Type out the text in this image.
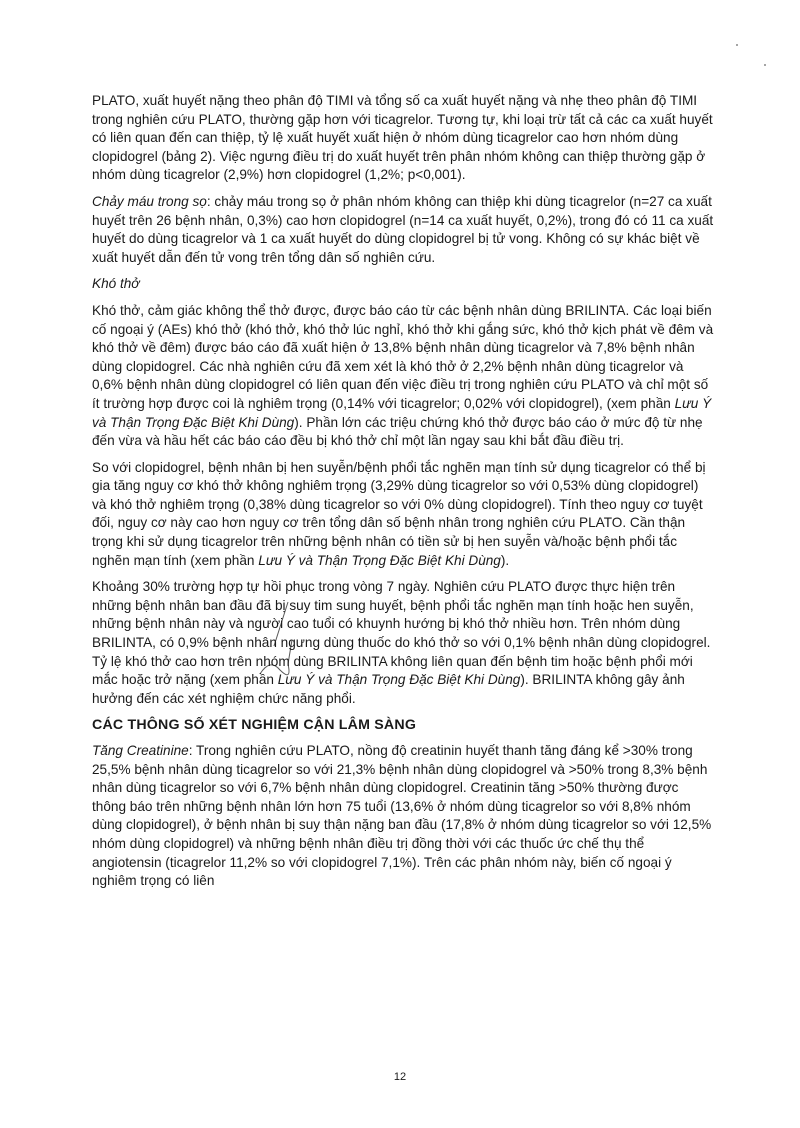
PLATO, xuất huyết nặng theo phân độ TIMI và tổng số ca xuất huyết nặng và nhẹ theo phân độ TIMI trong nghiên cứu PLATO, thường gặp hơn với ticagrelor. Tương tự, khi loại trừ tất cả các ca xuất huyết có liên quan đến can thiệp, tỷ lệ xuất huyết xuất hiện ở nhóm dùng ticagrelor cao hơn nhóm dùng clopidogrel (bảng 2). Việc ngưng điều trị do xuất huyết trên phân nhóm không can thiệp thường gặp ở nhóm dùng ticagrelor (2,9%) hơn clopidogrel (1,2%; p<0,001).

Chảy máu trong sọ: chảy máu trong sọ ở phân nhóm không can thiệp khi dùng ticagrelor (n=27 ca xuất huyết trên 26 bệnh nhân, 0,3%) cao hơn clopidogrel (n=14 ca xuất huyết, 0,2%), trong đó có 11 ca xuất huyết do dùng ticagrelor và 1 ca xuất huyết do dùng clopidogrel bị tử vong. Không có sự khác biệt về xuất huyết dẫn đến tử vong trên tổng dân số nghiên cứu.

Khó thở

Khó thở, cảm giác không thể thở được, được báo cáo từ các bệnh nhân dùng BRILINTA. Các loại biến cố ngoại ý (AEs) khó thở (khó thở, khó thở lúc nghỉ, khó thở khi gắng sức, khó thở kịch phát về đêm và khó thở về đêm) được báo cáo đã xuất hiện ở 13,8% bệnh nhân dùng ticagrelor và 7,8% bệnh nhân dùng clopidogrel. Các nhà nghiên cứu đã xem xét là khó thở ở 2,2% bệnh nhân dùng ticagrelor và 0,6% bệnh nhân dùng clopidogrel có liên quan đến việc điều trị trong nghiên cứu PLATO và chỉ một số ít trường hợp được coi là nghiêm trọng (0,14% với ticagrelor; 0,02% với clopidogrel), (xem phần Lưu Ý và Thận Trọng Đặc Biệt Khi Dùng). Phần lớn các triệu chứng khó thở được báo cáo ở mức độ từ nhẹ đến vừa và hầu hết các báo cáo đều bị khó thở chỉ một lần ngay sau khi bắt đầu điều trị.

So với clopidogrel, bệnh nhân bị hen suyễn/bệnh phổi tắc nghẽn mạn tính sử dụng ticagrelor có thể bị gia tăng nguy cơ khó thở không nghiêm trọng (3,29% dùng ticagrelor so với 0,53% dùng clopidogrel) và khó thở nghiêm trọng (0,38% dùng ticagrelor so với 0% dùng clopidogrel). Tính theo nguy cơ tuyệt đối, nguy cơ này cao hơn nguy cơ trên tổng dân số bệnh nhân trong nghiên cứu PLATO. Cần thận trọng khi sử dụng ticagrelor trên những bệnh nhân có tiền sử bị hen suyễn và/hoặc bệnh phổi tắc nghẽn mạn tính (xem phần Lưu Ý và Thận Trọng Đặc Biệt Khi Dùng).

Khoảng 30% trường hợp tự hồi phục trong vòng 7 ngày. Nghiên cứu PLATO được thực hiện trên những bệnh nhân ban đầu đã bị suy tim sung huyết, bệnh phổi tắc nghẽn mạn tính hoặc hen suyễn, những bệnh nhân này và người cao tuổi có khuynh hướng bị khó thở nhiều hơn. Trên nhóm dùng BRILINTA, có 0,9% bệnh nhân ngưng dùng thuốc do khó thở so với 0,1% bệnh nhân dùng clopidogrel. Tỷ lệ khó thở cao hơn trên nhóm dùng BRILINTA không liên quan đến bệnh tim hoặc bệnh phổi mới mắc hoặc trở nặng (xem phần Lưu Ý và Thận Trọng Đặc Biệt Khi Dùng). BRILINTA không gây ảnh hưởng đến các xét nghiệm chức năng phổi.

CÁC THÔNG SỐ XÉT NGHIỆM CẬN LÂM SÀNG

Tăng Creatinine: Trong nghiên cứu PLATO, nồng độ creatinin huyết thanh tăng đáng kể >30% trong 25,5% bệnh nhân dùng ticagrelor so với 21,3% bệnh nhân dùng clopidogrel và >50% trong 8,3% bệnh nhân dùng ticagrelor so với 6,7% bệnh nhân dùng clopidogrel. Creatinin tăng >50% thường được thông báo trên những bệnh nhân lớn hơn 75 tuổi (13,6% ở nhóm dùng ticagrelor so với 8,8% nhóm dùng clopidogrel), ở bệnh nhân bị suy thận nặng ban đầu (17,8% ở nhóm dùng ticagrelor so với 12,5% nhóm dùng clopidogrel) và những bệnh nhân điều trị đồng thời với các thuốc ức chế thụ thể angiotensin (ticagrelor 11,2% so với clopidogrel 7,1%). Trên các phân nhóm này, biến cố ngoại ý nghiêm trọng có liên

12
